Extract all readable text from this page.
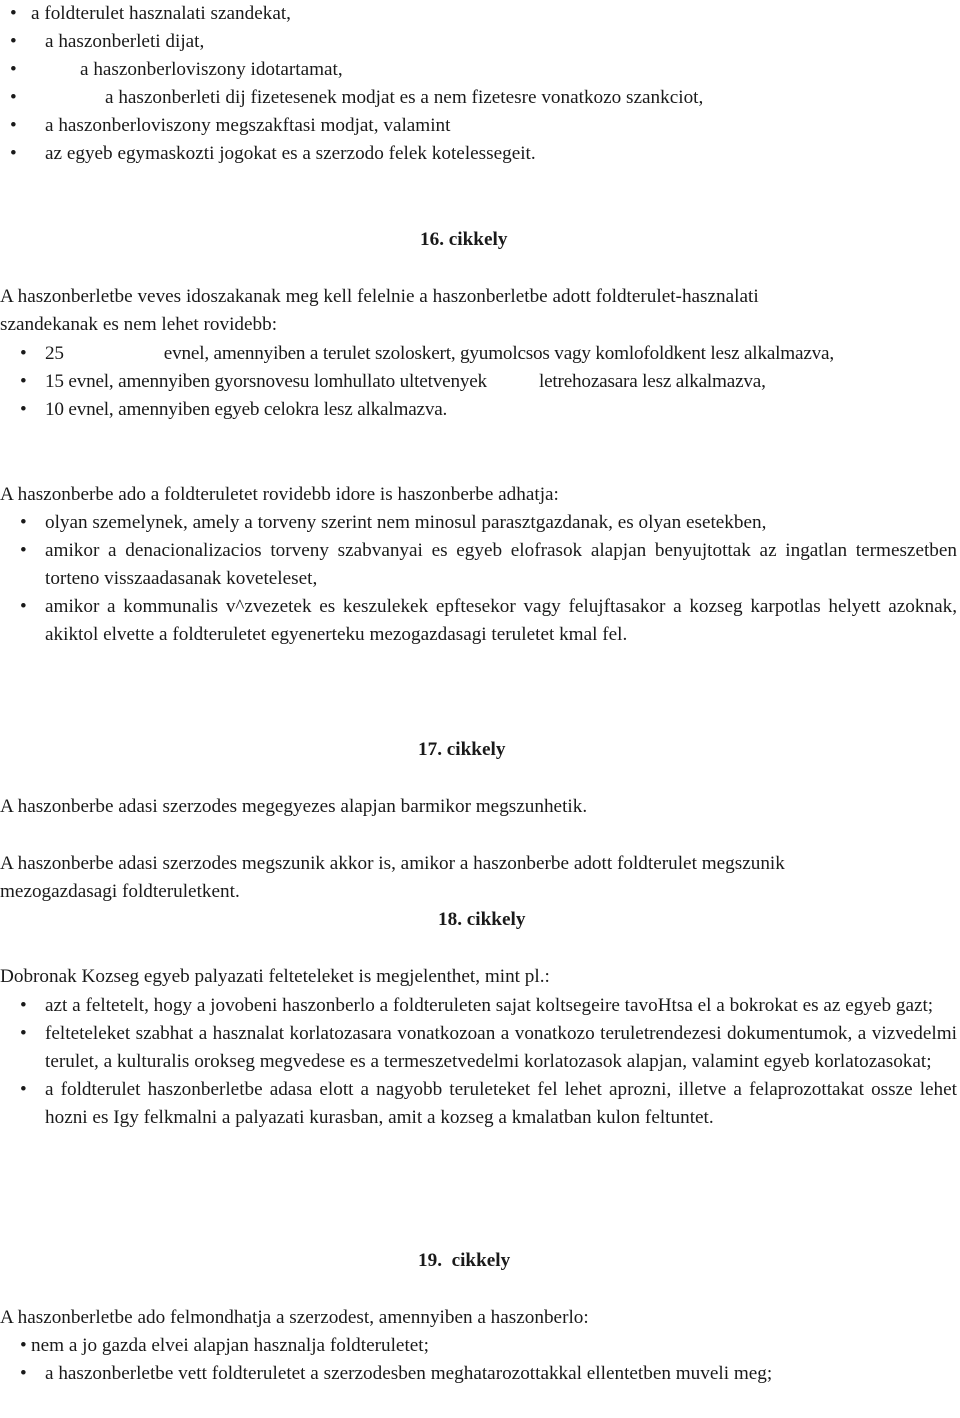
• a foldterulet hasznalati szandekat,
• a haszonberleti dijat,
• a haszonberloviszony idotartamat,
• a haszonberleti dij fizetesenek modjat es a nem fizetesre vonatkozo szankciot,
• a haszonberloviszony megszakftasi modjat, valamint
• az egyeb egymaskozti jogokat es a szerzodo felek kotelessegeit.
16. cikkely

A haszonberletbe veves idoszakanak meg kell felelnie a haszonberletbe adott foldterulet-hasznalati szandekanak es nem lehet rovidebb:

• 25	evnel, amennyiben a terulet szoloskert, gyumolcsos vagy komlofoldkent lesz alkalmazva,
• 15 evnel, amennyiben gyorsnovesu lomhullato ultetvenyek	letrehozasara lesz alkalmazva,
• 10 evnel, amennyiben egyeb celokra lesz alkalmazva.

A haszonberbe ado a foldteruletet rovidebb idore is haszonberbe adhatja:

• olyan szemelynek, amely a torveny szerint nem minosul parasztgazdanak, es olyan esetekben,
• amikor a denacionalizacios torveny szabvanyai es egyeb elofrasok alapjan benyujtottak az ingatlan termeszetben torteno visszaadasanak koveteleset,
• amikor a kommunalis v^zvezetek es keszulekek epftesekor vagy felujftasakor a kozseg karpotlas helyett azoknak, akiktol elvette a foldteruletet egyenerteku mezogazdasagi teruletet kmal fel.
17. cikkely

A haszonberbe adasi szerzodes megegyezes alapjan barmikor megszunhetik.

A haszonberbe adasi szerzodes megszunik akkor is, amikor a haszonberbe adott foldterulet megszunik mezogazdasagi foldteruletkent.

18. cikkely

Dobronak Kozseg egyeb palyazati felteteleket is megjelenthet, mint pl.:

• azt a feltetelt, hogy a jovobeni haszonberlo a foldteruleten sajat koltsegeire tavoHtsa el a bokrokat es az egyeb gazt;
• felteteleket szabhat a hasznalat korlatozasara vonatkozoan a vonatkozo teruletrendezesi dokumentumok, a vizvedelmi terulet, a kulturalis orokseg megvedese es a termeszetvedelmi korlatozasok alapjan, valamint egyeb korlatozasokat;
• a foldterulet haszonberletbe adasa elott a nagyobb teruleteket fel lehet aprozni, illetve a felaprozottakat osszе lehet hozni es Igy felkmalni a palyazati kurasban, amit a kozseg a kmalatban kulon feltuntet.
19.  cikkely

A haszonberletbe ado felmondhatja a szerzodest, amennyiben a haszonberlo:

• nem a jo gazda elvei alapjan hasznalja foldteruletet;
• a haszonberletbe vett foldteruletet a szerzodesben meghatarozottakkal ellentetben muveli meg;
